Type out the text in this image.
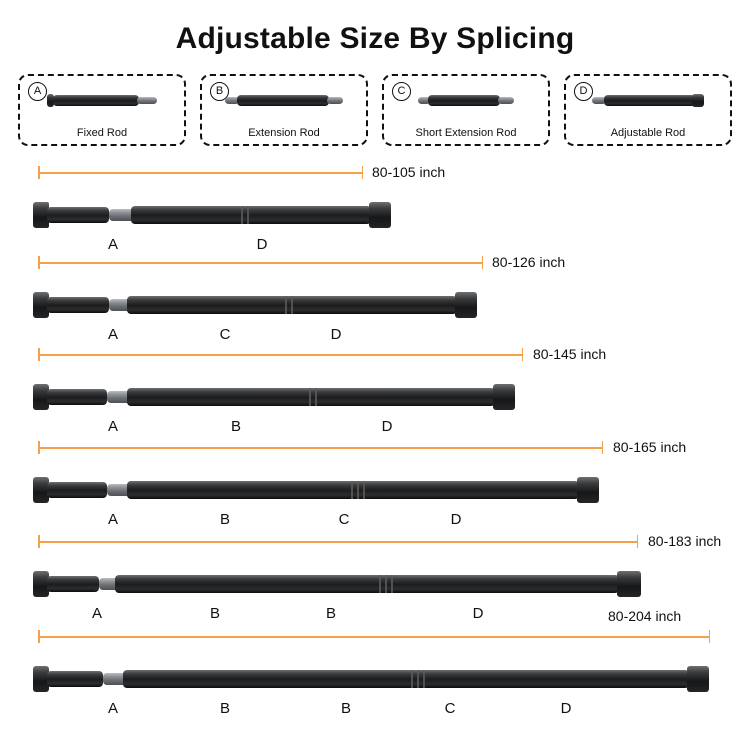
Adjustable Size By Splicing
A
Fixed Rod
B
Extension Rod
C
Short Extension Rod
D
Adjustable Rod
80-105 inch
A	D
80-126 inch
A	C	D
80-145 inch
A	B	D
80-165 inch
A	B	C	D
80-183 inch
A	B	B	D	80-204 inch
A	B	B	C	D
